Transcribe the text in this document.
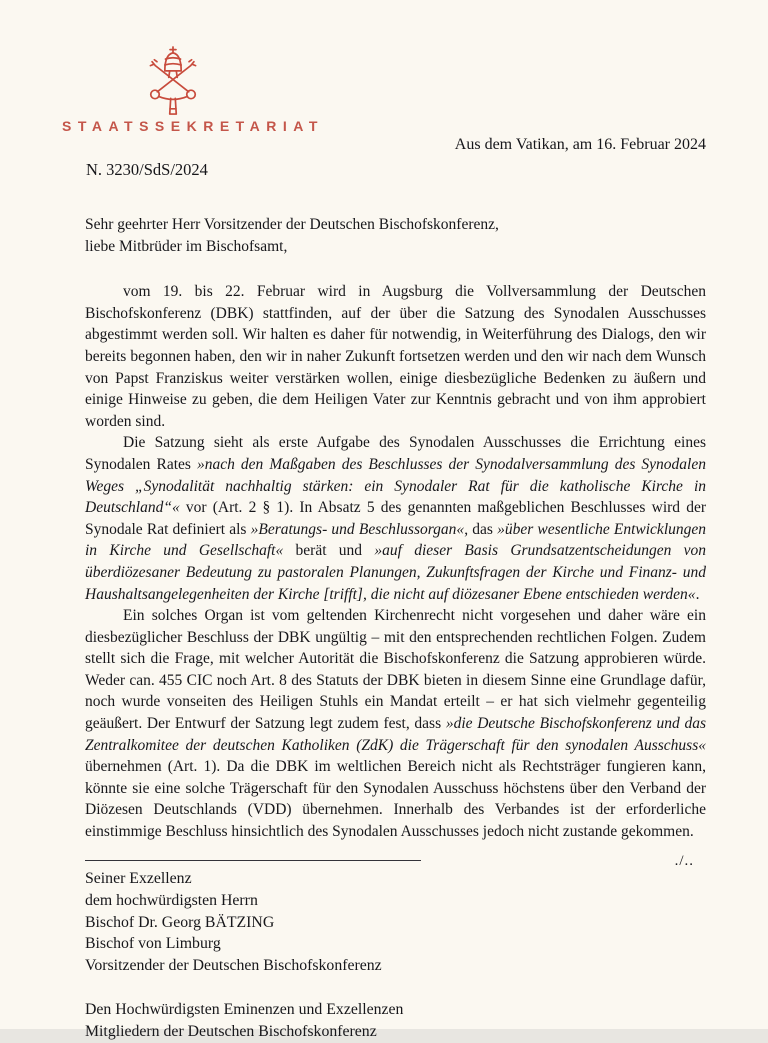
STAATSSEKRETARIAT
Aus dem Vatikan, am 16. Februar 2024
N. 3230/SdS/2024

Sehr geehrter Herr Vorsitzender der Deutschen Bischofskonferenz,
liebe Mitbrüder im Bischofsamt,

vom 19. bis 22. Februar wird in Augsburg die Vollversammlung der Deutschen Bischofskonferenz (DBK) stattfinden, auf der über die Satzung des Synodalen Ausschusses abgestimmt werden soll. Wir halten es daher für notwendig, in Weiterführung des Dialogs, den wir bereits begonnen haben, den wir in naher Zukunft fortsetzen werden und den wir nach dem Wunsch von Papst Franziskus weiter verstärken wollen, einige diesbezügliche Bedenken zu äußern und einige Hinweise zu geben, die dem Heiligen Vater zur Kenntnis gebracht und von ihm approbiert worden sind.

Die Satzung sieht als erste Aufgabe des Synodalen Ausschusses die Errichtung eines Synodalen Rates »nach den Maßgaben des Beschlusses der Synodalversammlung des Synodalen Weges „Synodalität nachhaltig stärken: ein Synodaler Rat für die katholische Kirche in Deutschland“« vor (Art. 2 § 1). In Absatz 5 des genannten maßgeblichen Beschlusses wird der Synodale Rat definiert als »Beratungs- und Beschlussorgan«, das »über wesentliche Entwicklungen in Kirche und Gesellschaft« berät und »auf dieser Basis Grundsatzentscheidungen von überdiözesaner Bedeutung zu pastoralen Planungen, Zukunftsfragen der Kirche und Finanz- und Haushaltsangelegenheiten der Kirche [trifft], die nicht auf diözesaner Ebene entschieden werden«.

Ein solches Organ ist vom geltenden Kirchenrecht nicht vorgesehen und daher wäre ein diesbezüglicher Beschluss der DBK ungültig – mit den entsprechenden rechtlichen Folgen. Zudem stellt sich die Frage, mit welcher Autorität die Bischofskonferenz die Satzung approbieren würde. Weder can. 455 CIC noch Art. 8 des Statuts der DBK bieten in diesem Sinne eine Grundlage dafür, noch wurde vonseiten des Heiligen Stuhls ein Mandat erteilt – er hat sich vielmehr gegenteilig geäußert. Der Entwurf der Satzung legt zudem fest, dass »die Deutsche Bischofskonferenz und das Zentralkomitee der deutschen Katholiken (ZdK) die Trägerschaft für den synodalen Ausschuss« übernehmen (Art. 1). Da die DBK im weltlichen Bereich nicht als Rechtsträger fungieren kann, könnte sie eine solche Trägerschaft für den Synodalen Ausschuss höchstens über den Verband der Diözesen Deutschlands (VDD) übernehmen. Innerhalb des Verbandes ist der erforderliche einstimmige Beschluss hinsichtlich des Synodalen Ausschusses jedoch nicht zustande gekommen.

./..
Seiner Exzellenz
dem hochwürdigsten Herrn
Bischof Dr. Georg BÄTZING
Bischof von Limburg
Vorsitzender der Deutschen Bischofskonferenz
Den Hochwürdigsten Eminenzen und Exzellenzen
Mitgliedern der Deutschen Bischofskonferenz
